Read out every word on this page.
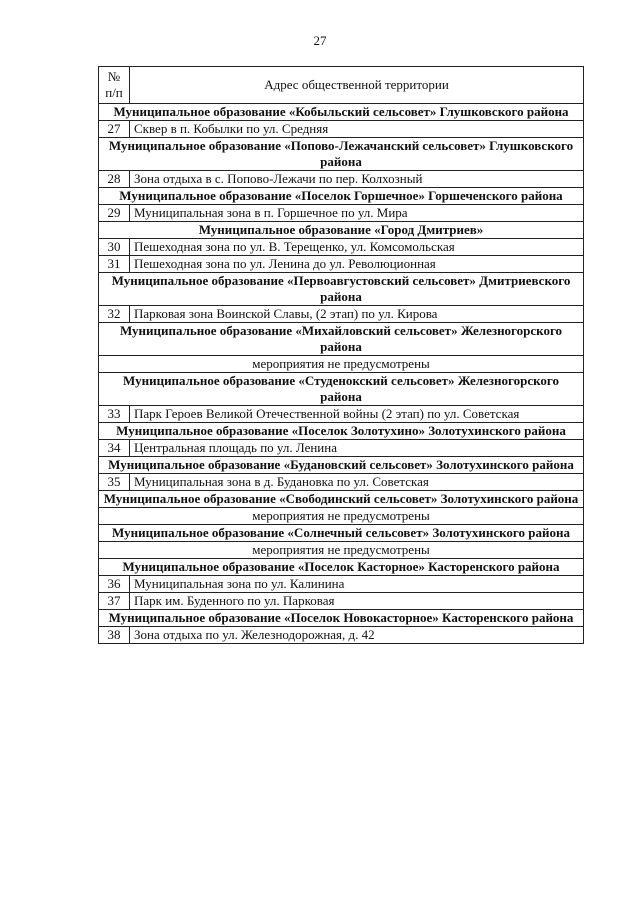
27
№
п/п	Адрес общественной территории
Муниципальное образование «Кобыльский сельсовет» Глушковского района	
27	Сквер в п. Кобылки по ул. Средняя
Муниципальное образование «Попово-Лежачанский сельсовет» Глушковского района	
28	Зона отдыха в с. Попово-Лежачи по пер. Колхозный
Муниципальное образование «Поселок Горшечное» Горшеченского района	
29	Муниципальная зона в п. Горшечное по ул. Мира
Муниципальное образование «Город Дмитриев»	
30	Пешеходная зона по ул. В. Терещенко, ул. Комсомольская
31	Пешеходная зона по ул. Ленина до ул. Революционная
Муниципальное образование «Первоавгустовский сельсовет» Дмитриевского района	
32	Парковая зона Воинской Славы, (2 этап) по ул. Кирова
Муниципальное образование «Михайловский сельсовет» Железногорского района	
мероприятия не предусмотрены	
Муниципальное образование «Студенокский сельсовет» Железногорского района	
33	Парк Героев Великой Отечественной войны (2 этап) по ул. Советская
Муниципальное образование «Поселок Золотухино» Золотухинского района	
34	Центральная площадь по ул. Ленина
Муниципальное образование «Будановский сельсовет» Золотухинского района	
35	Муниципальная зона в д. Будановка по ул. Советская
Муниципальное образование «Свободинский сельсовет» Золотухинского района	
мероприятия не предусмотрены	
Муниципальное образование «Солнечный сельсовет» Золотухинского района	
мероприятия не предусмотрены	
Муниципальное образование «Поселок Касторное» Касторенского района	
36	Муниципальная зона по ул. Калинина
37	Парк им. Буденного по ул. Парковая
Муниципальное образование «Поселок Новокасторное» Касторенского района	
38	Зона отдыха по ул. Железнодорожная, д. 42
